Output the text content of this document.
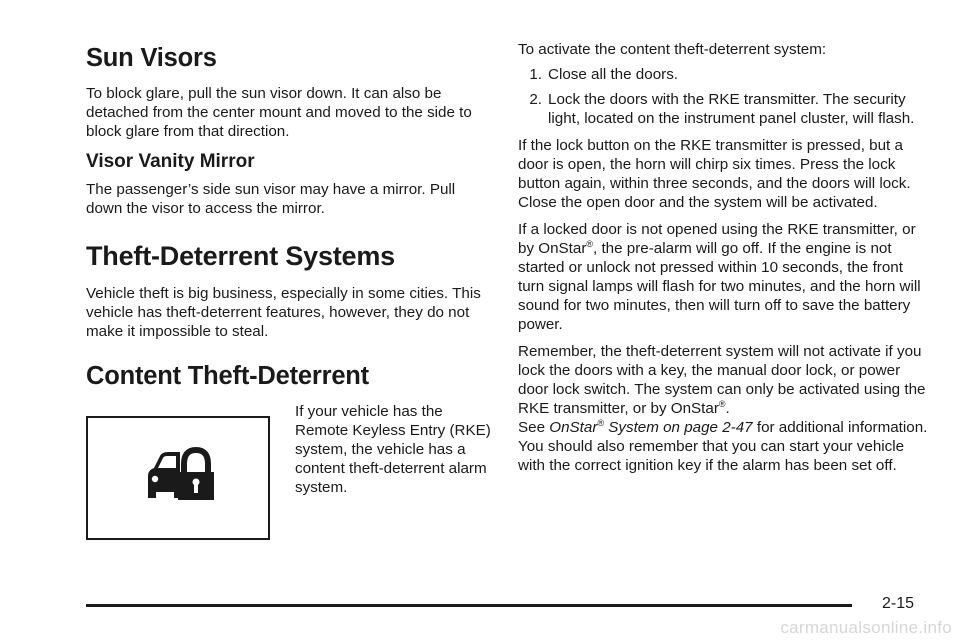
Sun Visors

To block glare, pull the sun visor down. It can also be detached from the center mount and moved to the side to block glare from that direction.

Visor Vanity Mirror

The passenger’s side sun visor may have a mirror. Pull down the visor to access the mirror.

Theft-Deterrent Systems

Vehicle theft is big business, especially in some cities. This vehicle has theft-deterrent features, however, they do not make it impossible to steal.

Content Theft-Deterrent

If your vehicle has the Remote Keyless Entry (RKE) system, the vehicle has a content theft-deterrent alarm system.

To activate the content theft-deterrent system:

1. Close all the doors.
2. Lock the doors with the RKE transmitter. The security light, located on the instrument panel cluster, will flash.

If the lock button on the RKE transmitter is pressed, but a door is open, the horn will chirp six times. Press the lock button again, within three seconds, and the doors will lock. Close the open door and the system will be activated.

If a locked door is not opened using the RKE transmitter, or by OnStar®, the pre-alarm will go off. If the engine is not started or unlock not pressed within 10 seconds, the front turn signal lamps will flash for two minutes, and the horn will sound for two minutes, then will turn off to save the battery power.

Remember, the theft-deterrent system will not activate if you lock the doors with a key, the manual door lock, or power door lock switch. The system can only be activated using the RKE transmitter, or by OnStar®.
See OnStar® System on page 2-47 for additional information. You should also remember that you can start your vehicle with the correct ignition key if the alarm has been set off.

2-15
carmanualsonline.info
